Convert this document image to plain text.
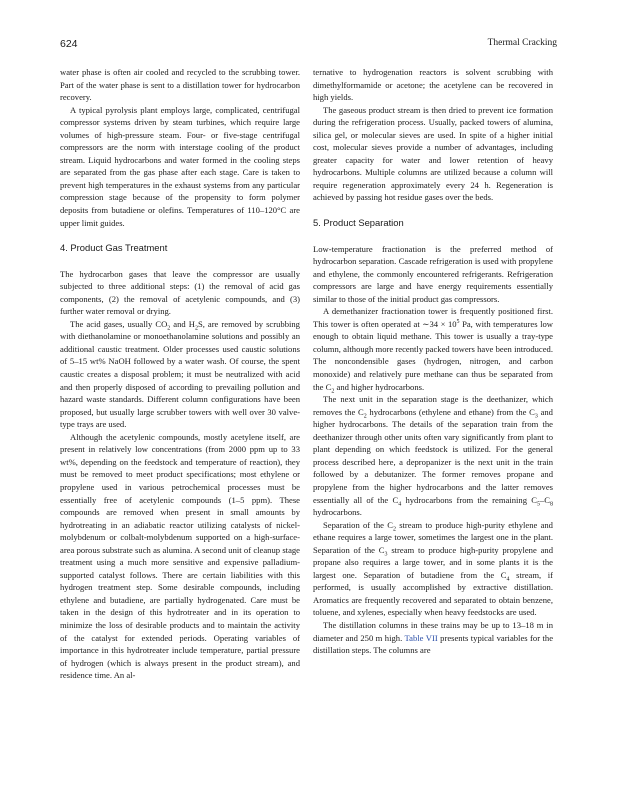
624	Thermal Cracking

water phase is often air cooled and recycled to the scrubbing tower. Part of the water phase is sent to a distillation tower for hydrocarbon recovery.

A typical pyrolysis plant employs large, complicated, centrifugal compressor systems driven by steam turbines, which require large volumes of high-pressure steam. Four- or five-stage centrifugal compressors are the norm with interstage cooling of the product stream. Liquid hydrocarbons and water formed in the cooling steps are separated from the gas phase after each stage. Care is taken to prevent high temperatures in the exhaust systems from any particular compression stage because of the propensity to form polymer deposits from butadiene or olefins. Temperatures of 110–120°C are upper limit guides.

4. Product Gas Treatment

The hydrocarbon gases that leave the compressor are usually subjected to three additional steps: (1) the removal of acid gas components, (2) the removal of acetylenic compounds, and (3) further water removal or drying.

The acid gases, usually $CO_2$ and $H_2S$, are removed by scrubbing with diethanolamine or monoethanolamine solutions and possibly an additional caustic treatment. Older processes used caustic solutions of 5–15 wt% NaOH followed by a water wash. Of course, the spent caustic creates a disposal problem; it must be neutralized with acid and then properly disposed of according to prevailing pollution and hazard waste standards. Different column configurations have been proposed, but usually large scrubber towers with well over 30 valve-type trays are used.

Although the acetylenic compounds, mostly acetylene itself, are present in relatively low concentrations (from 2000 ppm up to 33 wt%, depending on the feedstock and temperature of reaction), they must be removed to meet product specifications; most ethylene or propylene used in various petrochemical processes must be essentially free of acetylenic compounds (1–5 ppm). These compounds are removed when present in small amounts by hydrotreating in an adiabatic reactor utilizing catalysts of nickel-molybdenum or colbalt-molybdenum supported on a high-surface-area porous substrate such as alumina. A second unit of cleanup stage treatment using a much more sensitive and expensive palladium-supported catalyst follows. There are certain liabilities with this hydrogen treatment step. Some desirable compounds, including ethylene and butadiene, are partially hydrogenated. Care must be taken in the design of this hydrotreater and in its operation to minimize the loss of desirable products and to maintain the activity of the catalyst for extended periods. Operating variables of importance in this hydrotreater include temperature, partial pressure of hydrogen (which is always present in the product stream), and residence time. An al-

ternative to hydrogenation reactors is solvent scrubbing with dimethylformamide or acetone; the acetylene can be recovered in high yields.

The gaseous product stream is then dried to prevent ice formation during the refrigeration process. Usually, packed towers of alumina, silica gel, or molecular sieves are used. In spite of a higher initial cost, molecular sieves provide a number of advantages, including greater capacity for water and lower retention of heavy hydrocarbons. Multiple columns are utilized because a column will require regeneration approximately every 24 h. Regeneration is achieved by passing hot residue gases over the beds.

5. Product Separation

Low-temperature fractionation is the preferred method of hydrocarbon separation. Cascade refrigeration is used with propylene and ethylene, the commonly encountered refrigerants. Refrigeration compressors are large and have energy requirements essentially similar to those of the initial product gas compressors.

A demethanizer fractionation tower is frequently positioned first. This tower is often operated at ∼34 × $10^5$ Pa, with temperatures low enough to obtain liquid methane. This tower is usually a tray-type column, although more recently packed towers have been introduced. The noncondensible gases (hydrogen, nitrogen, and carbon monoxide) and relatively pure methane can thus be separated from the $C_2$ and higher hydrocarbons.

The next unit in the separation stage is the deethanizer, which removes the $C_2$ hydrocarbons (ethylene and ethane) from the $C_3$ and higher hydrocarbons. The details of the separation train from the deethanizer through other units often vary significantly from plant to plant depending on which feedstock is utilized. For the general process described here, a depropanizer is the next unit in the train followed by a debutanizer. The former removes propane and propylene from the higher hydrocarbons and the latter removes essentially all of the $C_4$ hydrocarbons from the remaining $C_5-C_8$ hydrocarbons.

Separation of the $C_2$ stream to produce high-purity ethylene and ethane requires a large tower, sometimes the largest one in the plant. Separation of the $C_3$ stream to produce high-purity propylene and propane also requires a large tower, and in some plants it is the largest one. Separation of butadiene from the $C_4$ stream, if performed, is usually accomplished by extractive distillation. Aromatics are frequently recovered and separated to obtain benzene, toluene, and xylenes, especially when heavy feedstocks are used.

The distillation columns in these trains may be up to 13–18 m in diameter and 250 m high. Table VII presents typical variables for the distillation steps. The columns are
